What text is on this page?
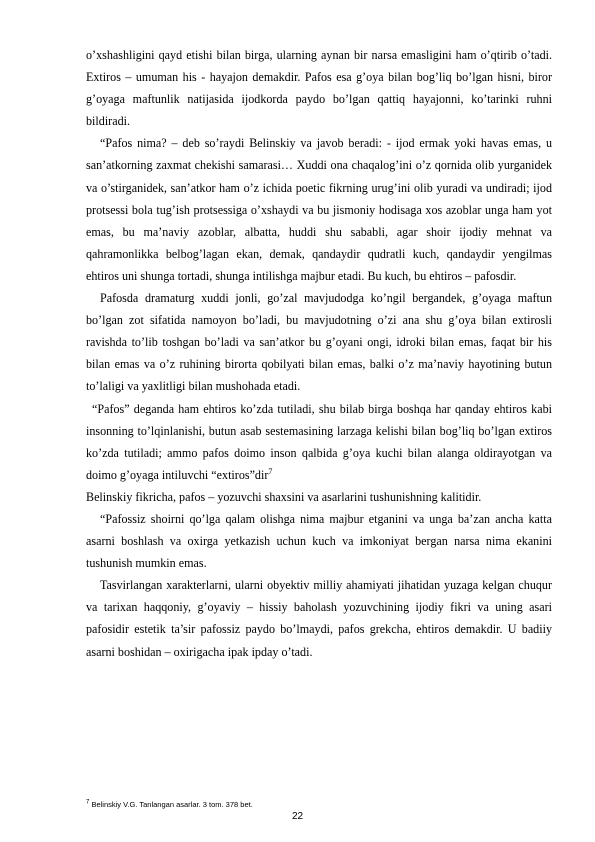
o’xshashligini qayd etishi bilan birga, ularning aynan bir narsa emasligini ham o’qtirib o’tadi. Extiros – umuman his - hayajon demakdir. Pafos esa g’oya bilan bog’liq bo’lgan hisni, biror g’oyaga maftunlik natijasida ijodkorda paydo bo’lgan qattiq hayajonni, ko’tarinki ruhni bildiradi.

“Pafos nima? – deb so’raydi Belinskiy va javob beradi: - ijod ermak yoki havas emas, u san’atkorning zaxmat chekishi samarasi… Xuddi ona chaqalog’ini o’z qornida olib yurganidek va o’stirganidek, san’atkor ham o’z ichida poetic fikrning urug’ini olib yuradi va undiradi; ijod protsessi bola tug’ish protsessiga o’xshaydi va bu jismoniy hodisaga xos azoblar unga ham yot emas, bu ma’naviy azoblar, albatta, huddi shu sababli, agar shoir ijodiy mehnat va qahramonlikka belbog’lagan ekan, demak, qandaydir qudratli kuch, qandaydir yengilmas ehtiros uni shunga tortadi, shunga intilishga majbur etadi. Bu kuch, bu ehtiros – pafosdir.

Pafosda dramaturg xuddi jonli, go’zal mavjudodga ko’ngil bergandek, g’oyaga maftun bo’lgan zot sifatida namoyon bo’ladi, bu mavjudotning o’zi ana shu g’oya bilan extirosli ravishda to’lib toshgan bo’ladi va san’atkor bu g’oyani ongi, idroki bilan emas, faqat bir his bilan emas va o’z ruhining birorta qobilyati bilan emas, balki o’z ma’naviy hayotining butun to’laligi va yaxlitligi bilan mushohada etadi.

“Pafos” deganda ham ehtiros ko’zda tutiladi, shu bilab birga boshqa har qanday ehtiros kabi insonning to’lqinlanishi, butun asab sestemasining larzaga kelishi bilan bog’liq bo’lgan extiros ko’zda tutiladi; ammo pafos doimo inson qalbida g’oya kuchi bilan alanga oldirayotgan va doimo g’oyaga intiluvchi “extiros”dir$^7$

Belinskiy fikricha, pafos – yozuvchi shaxsini va asarlarini tushunishning kalitidir.

“Pafossiz shoirni qo’lga qalam olishga nima majbur etganini va unga ba’zan ancha katta asarni boshlash va oxirga yetkazish uchun kuch va imkoniyat bergan narsa nima ekanini tushunish mumkin emas.

Tasvirlangan xarakterlarni, ularni obyektiv milliy ahamiyati jihatidan yuzaga kelgan chuqur va tarixan haqqoniy, g’oyaviy – hissiy baholash yozuvchining ijodiy fikri va uning asari pafosidir estetik ta’sir pafossiz paydo bo’lmaydi, pafos grekcha, ehtiros demakdir. U badiiy asarni boshidan – oxirigacha ipak ipday o’tadi.

$^7$ Belinskiy V.G. Tanlangan asarlar. 3 tom. 378 bet.
22
